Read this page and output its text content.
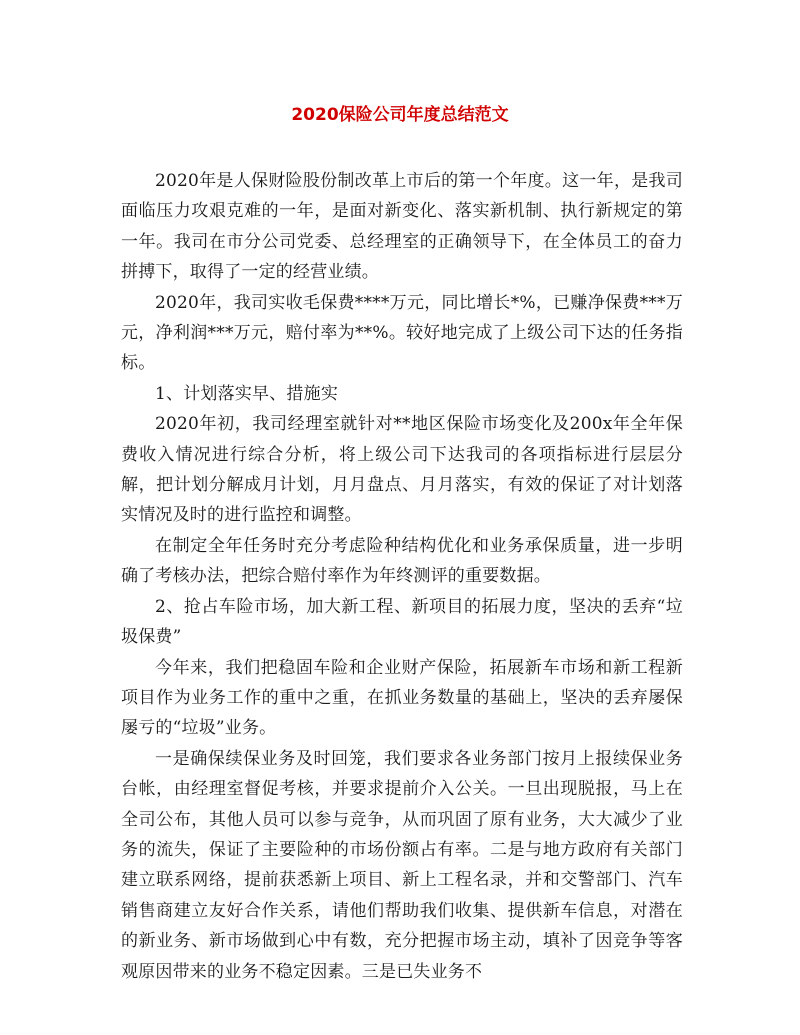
2020保险公司年度总结范文

2020年是人保财险股份制改革上市后的第一个年度。这一年，是我司面临压力攻艰克难的一年，是面对新变化、落实新机制、执行新规定的第一年。我司在市分公司党委、总经理室的正确领导下，在全体员工的奋力拼搏下，取得了一定的经营业绩。

2020年，我司实收毛保费****万元，同比增长*%，已赚净保费***万元，净利润***万元，赔付率为**%。较好地完成了上级公司下达的任务指标。

1、计划落实早、措施实

2020年初，我司经理室就针对**地区保险市场变化及200x年全年保费收入情况进行综合分析，将上级公司下达我司的各项指标进行层层分解，把计划分解成月计划，月月盘点、月月落实，有效的保证了对计划落实情况及时的进行监控和调整。

在制定全年任务时充分考虑险种结构优化和业务承保质量，进一步明确了考核办法，把综合赔付率作为年终测评的重要数据。

2、抢占车险市场，加大新工程、新项目的拓展力度，坚决的丢弃“垃圾保费”

今年来，我们把稳固车险和企业财产保险，拓展新车市场和新工程新项目作为业务工作的重中之重，在抓业务数量的基础上，坚决的丢弃屡保屡亏的“垃圾”业务。

一是确保续保业务及时回笼，我们要求各业务部门按月上报续保业务台帐，由经理室督促考核，并要求提前介入公关。一旦出现脱报，马上在全司公布，其他人员可以参与竞争，从而巩固了原有业务，大大减少了业务的流失，保证了主要险种的市场份额占有率。二是与地方政府有关部门建立联系网络，提前获悉新上项目、新上工程名录，并和交警部门、汽车销售商建立友好合作关系，请他们帮助我们收集、提供新车信息，对潜在的新业务、新市场做到心中有数，充分把握市场主动，填补了因竞争等客观原因带来的业务不稳定因素。三是已失业务不
